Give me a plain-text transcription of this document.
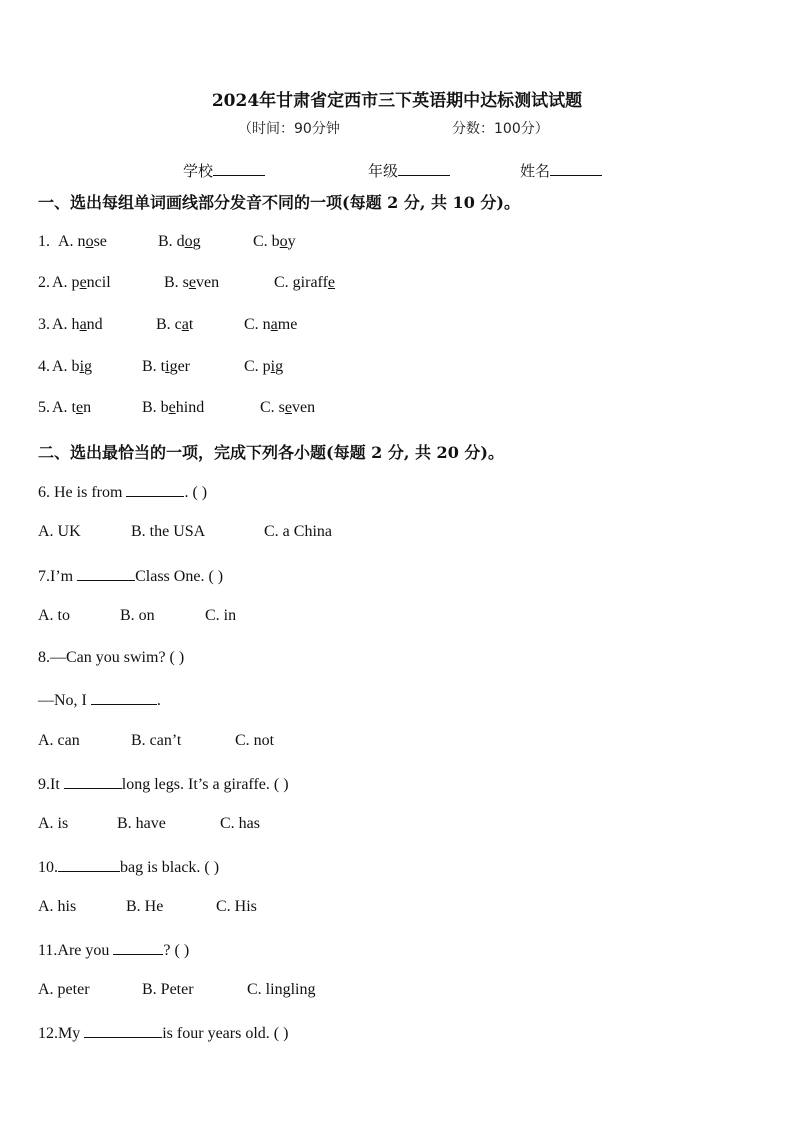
2024年甘肃省定西市三下英语期中达标测试试题
（时间：90分钟	分数：100分）
学校	年级	姓名
一、选出每组单词画线部分发音不同的一项(每题 2 分, 共 10 分)。
1. A. nose	B. dog	C. boy
2. A. pencil	B. seven	C. giraffe
3. A. hand	B. cat	C. name
4. A. big	B. tiger	C. pig
5. A. ten	B. behind	C. seven
二、选出最恰当的一项，完成下列各小题(每题 2 分, 共 20 分)。
6. He is from	. ( )
A. UK	B. the USA	C. a China
7.I’m	Class One. ( )
A. to	B. on	C. in
8.—Can you swim? ( )
—No, I	.
A. can	B. can’t	C. not
9.It	long legs. It’s a giraffe. ( )
A. is	B. have	C. has
10.	bag is black. ( )
A. his	B. He	C. His
11.Are you	? ( )
A. peter	B. Peter	C. lingling
12.My	is four years old. ( )
